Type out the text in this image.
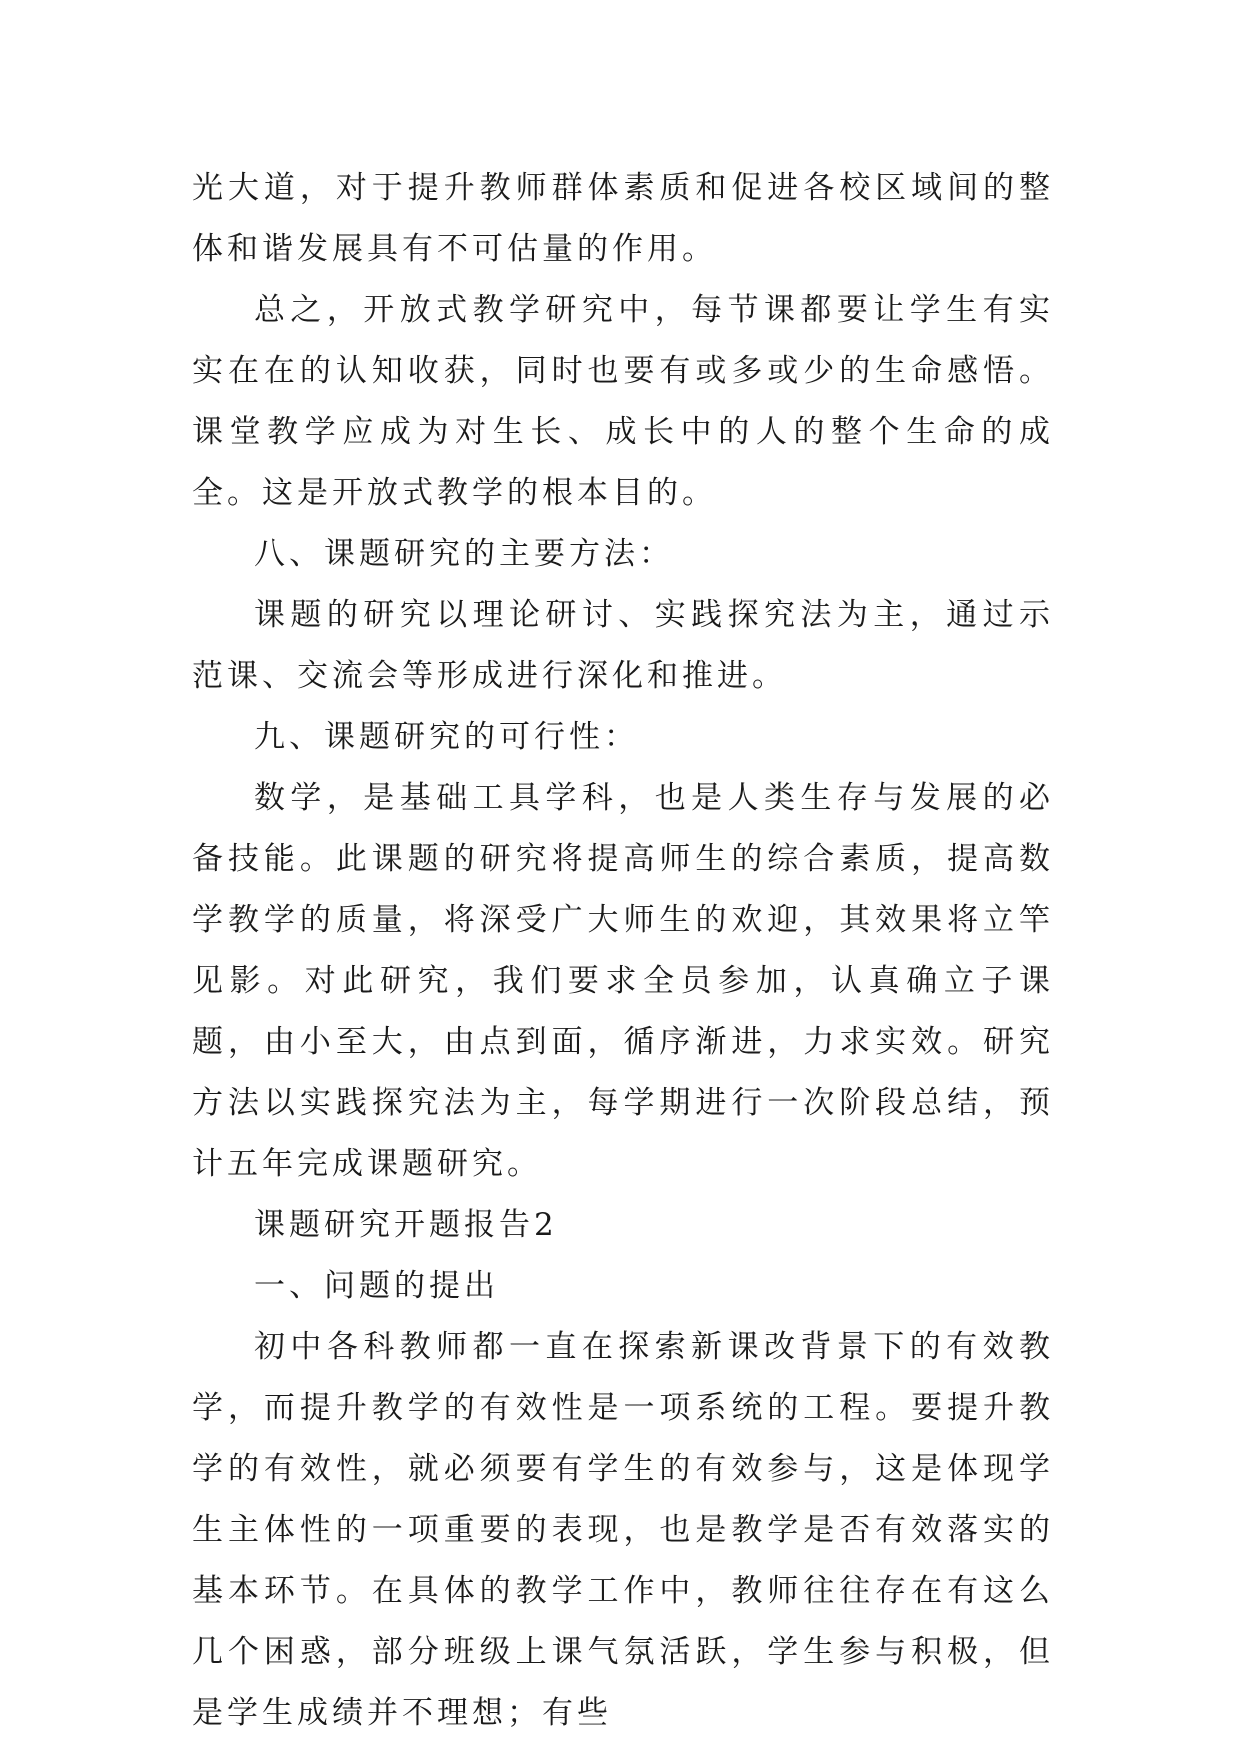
光大道，对于提升教师群体素质和促进各校区域间的整体和谐发展具有不可估量的作用。

总之，开放式教学研究中，每节课都要让学生有实实在在的认知收获，同时也要有或多或少的生命感悟。课堂教学应成为对生长、成长中的人的整个生命的成全。这是开放式教学的根本目的。

八、课题研究的主要方法：

课题的研究以理论研讨、实践探究法为主，通过示范课、交流会等形成进行深化和推进。

九、课题研究的可行性：

数学，是基础工具学科，也是人类生存与发展的必备技能。此课题的研究将提高师生的综合素质，提高数学教学的质量，将深受广大师生的欢迎，其效果将立竿见影。对此研究，我们要求全员参加，认真确立子课题，由小至大，由点到面，循序渐进，力求实效。研究方法以实践探究法为主，每学期进行一次阶段总结，预计五年完成课题研究。

课题研究开题报告2

一、问题的提出

初中各科教师都一直在探索新课改背景下的有效教学，而提升教学的有效性是一项系统的工程。要提升教学的有效性，就必须要有学生的有效参与，这是体现学生主体性的一项重要的表现，也是教学是否有效落实的基本环节。在具体的教学工作中，教师往往存在有这么几个困惑，部分班级上课气氛活跃，学生参与积极，但是学生成绩并不理想；有些
